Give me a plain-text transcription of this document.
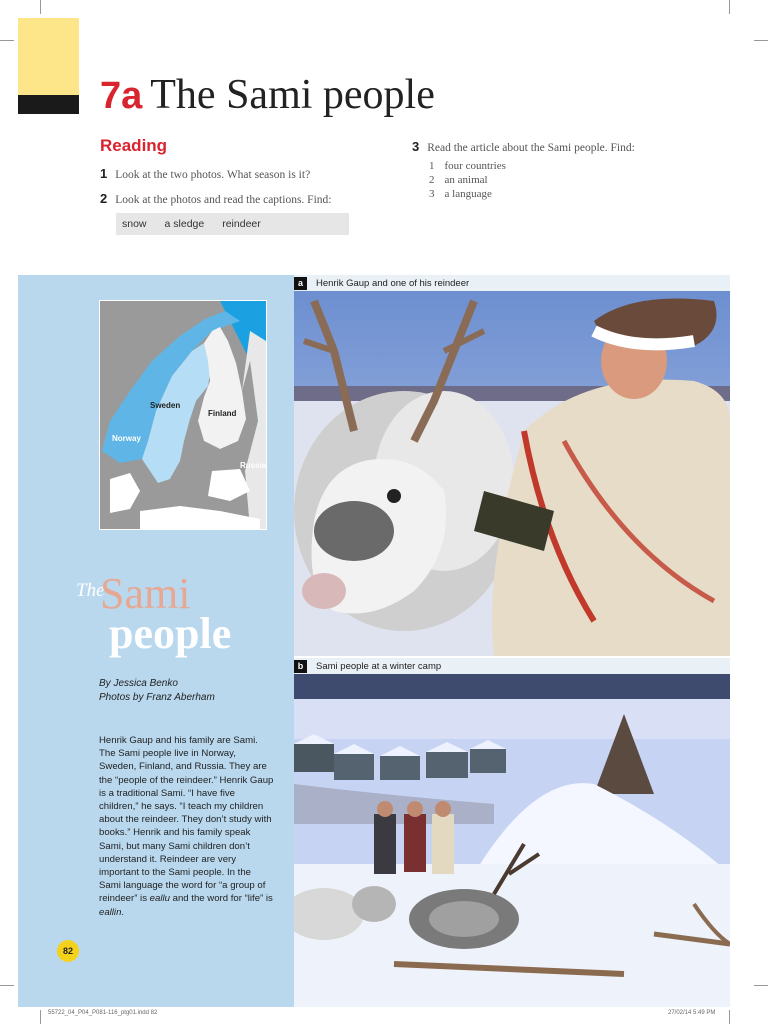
7a The Sami people
Reading
1 Look at the two photos. What season is it?
2 Look at the photos and read the captions. Find:
snow a sledge reindeer
3 Read the article about the Sami people. Find:
1 four countries
2 an animal
3 a language
Sweden
Finland
Norway
Russia
The
Sami
people
By Jessica Benko
Photos by Franz Aberham
Henrik Gaup and his family are Sami. The Sami people live in Norway, Sweden, Finland, and Russia. They are the “people of the reindeer.” Henrik Gaup is a traditional Sami. “I have five children,” he says. “I teach my children about the reindeer. They don’t study with books.” Henrik and his family speak Sami, but many Sami children don’t understand it. Reindeer are very important to the Sami people. In the Sami language the word for “a group of reindeer” is eallu and the word for “life” is eallin.
82
a	Henrik Gaup and one of his reindeer
b	Sami people at a winter camp
55722_04_P04_P081-116_ptg01.indd 82	27/02/14 5:49 PM
